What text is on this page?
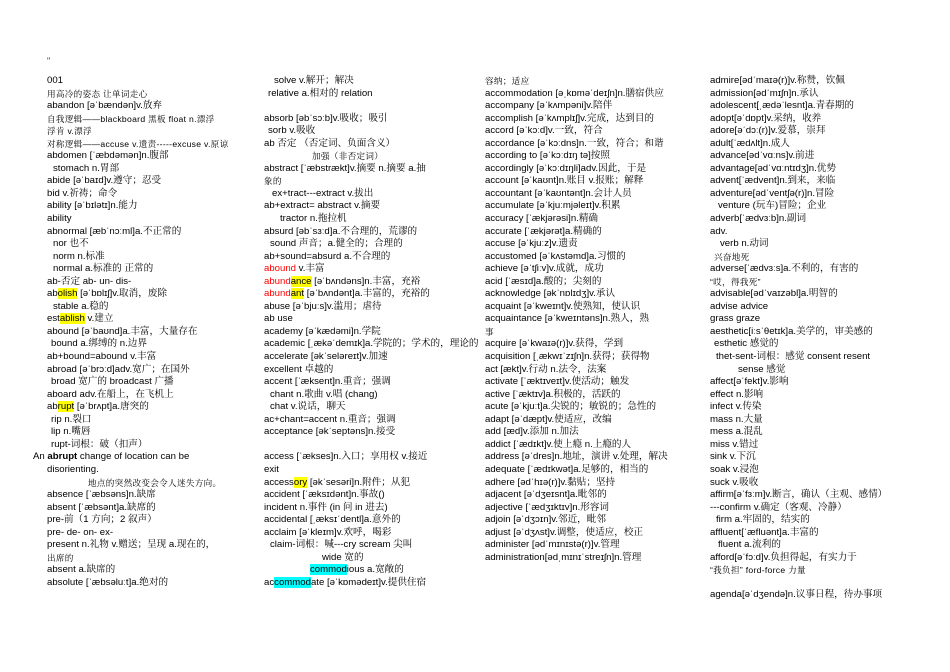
"
001
用高冷的姿态 让单词走心
abandon [əˈbændən]v.放弃
自我逻辑——blackboard 黑板 float n.漂浮
浮肯 v.漂浮
对称逻辑——accuse v.遗责-----excuse v.原谅
abdomen [ˈæbdəmən]n.腹部
stomach n.胃部
abide [əˈbaɪd]v.遵守；忍受
bid v.祈祷；命令
ability [əˈbɪlətɪ]n.能力
ability
abnormal [æbˈnɔːml]a.不正常的
nor 也不
norm n.标准
normal a.标准的 正常的
ab-否定 ab- un- dis-
abolish [əˈbɒlɪʃ]v.取消，废除
stable a.稳的
establish v.建立
abound [əˈbaʊnd]a.丰富，大量存在
bound a.绑缚的 n.边界
ab+bound=abound v.丰富
abroad [əˈbrɔːd]adv.宽广；在国外
broad 宽广的 broadcast 广播
aboard adv.在船上，在飞机上
abrupt [əˈbrʌpt]a.唐突的
rip n.裂口
lip n.嘴唇
rupt-词根：破（扣声）
An abrupt change of location can be
disorienting.
地点的突然改变会令人迷失方向。
absence [ˈæbsəns]n.缺席
absent [ˈæbsənt]a.缺席的
pre-前（1 方向；2 叙声）
pre- de- on- ex-
present n.礼物 v.赠送；呈现 a.现在的，
出席的
absent a.缺席的
absolute [ˈæbsəluːt]a.绝对的
solve v.解开；解决
relative a.相对的 relation
absorb [əbˈsɔːb]v.吸收；吸引
sorb v.吸收
ab 否定 （否定词、负面含义）
加强（非否定词）
abstract [ˈæbstrækt]v.摘要 n.摘要 a.抽
象的
ex+tract---extract v.拔出
ab+extract= abstract v.摘要
tractor n.拖拉机
absurd [əbˈsɜːd]a.不合理的，荒谬的
sound 声音；a.健全的；合理的
ab+sound=absurd a.不合理的
abound v.丰富
abundance [əˈbʌndəns]n.丰富，充裕
abundant [əˈbʌndənt]a.丰富的，充裕的
abuse [əˈbjuːs]v.滥用；虐待
ab use
academy [əˈkædəmi]n.学院
academic [ˌækəˈdemɪk]a.学院的；学术的，理论的
accelerate [əkˈseləreɪt]v.加速
excellent 卓越的
accent [ˈæksent]n.重音；强调
chant n.歌曲 v.唱 (chang)
chat v.说话，聊天
ac+chant=accent n.重音；强调
acceptance [əkˈseptəns]n.接受
access [ˈækses]n.入口；享用权 v.接近
exit
accessory [əkˈsesəri]n.附件；从犯
accident [ˈæksɪdənt]n.事故()
incident n.事件 (in 问 in 进去)
accidental [ˌæksɪˈdentl]a.意外的
acclaim [əˈkleɪm]v.欢呼，喝彩
claim-词根：喊---cry scream 尖叫
wide 宽的
commodious a.宽敞的
accommodate [əˈkɒmədeɪt]v.提供住宿
容纳；适应
accommodation [əˌkɒməˈdeɪʃn]n.膳宿供应
accompany [əˈkʌmpəni]v.陪伴
accomplish [əˈkʌmplɪʃ]v.完成，达到目的
accord [əˈkɔːd]v.一致，符合
accordance [əˈkɔːdns]n.一致，符合；和谐
according to [əˈkɔːdɪŋ tə]按照
accordingly [əˈkɔːdɪŋli]adv.因此，于是
account [əˈkaʊnt]n.账目 v.报账；解释
accountant [əˈkaʊntənt]n.会计人员
accumulate [əˈkjuːmjəleɪt]v.积累
accuracy [ˈækjərəsi]n.精确
accurate [ˈækjərət]a.精确的
accuse [əˈkjuːz]v.遗责
accustomed [əˈkʌstəmd]a.习惯的
achieve [əˈtʃiːv]v.成就，成功
acid [ˈæsɪd]a.酸的；尖刻的
acknowledge [əkˈnɒlɪdʒ]v.承认
acquaint [əˈkweɪnt]v.使熟知，使认识
acquaintance [əˈkweɪntəns]n.熟人，熟
事
acquire [əˈkwaɪə(r)]v.获得，学到
acquisition [ˌækwɪˈzɪʃn]n.获得；获得物
act [ækt]v.行动 n.法令，法案
activate [ˈæktɪveɪt]v.使活动；触发
active [ˈæktɪv]a.积极的，活跃的
acute [əˈkjuːt]a.尖锐的；敏锐的；急性的
adapt [əˈdæpt]v.使适应，改编
add [æd]v.添加 n.加法
addict [ˈædɪkt]v.使上瘾 n.上瘾的人
address [əˈdres]n.地址，演讲 v.处理，解决
adequate [ˈædɪkwət]a.足够的，相当的
adhere [ədˈhɪə(r)]v.黏贴；坚持
adjacent [əˈdʒeɪsnt]a.毗邻的
adjective [ˈædʒɪktɪv]n.形容词
adjoin [əˈdʒɔɪn]v.邻近，毗邻
adjust [əˈdʒʌst]v.调整，使适应，校正
administer [ədˈmɪnɪstə(r)]v.管理
administration[ədˌmɪnɪˈstreɪʃn]n.管理
admire[ədˈmaɪə(r)]v.称赞，钦佩
admission[ədˈmɪʃn]n.承认
adolescent[ˌædəˈlesnt]a.青春期的
adopt[əˈdɒpt]v.采纳，收养
adore[əˈdɔː(r)]v.爱慕，崇拜
adult[ˈædʌlt]n.成人
advance[ədˈvɑːns]v.前进
advantage[ədˈvɑːntɪdʒ]n.优势
advent[ˈædvent]n.到来，来临
adventure[ədˈventʃə(r)]n.冒险
venture (玩车)冒险；企业
adverb[ˈædvɜːb]n.副词
adv.
verb n.动词
兴奋地死
adverse[ˈædvɜːs]a.不利的，有害的
“哎，得我死”
advisable[ədˈvaɪzəbl]a.明智的
advise advice
grass graze
aesthetic[iːsˈθetɪk]a.美学的，审美感的
esthetic 感觉的
thet-sent-词根：感觉 consent resent
sense 感觉
affect[əˈfekt]v.影响
effect n.影响
infect v.传染
mass n.大量
mess a.混乱
miss v.错过
sink v.下沉
soak v.浸泡
suck v.吸收
affirm[əˈfɜːm]v.断言，确认（主观、感情）
---confirm v.确定（客观、冷静）
firm a.牢固的，结实的
affluent[ˈæfluənt]a.丰富的
fluent a.流利的
afford[əˈfɔːd]v.负担得起，有实力于
“莪负担” ford-force 力量
agenda[əˈdʒendə]n.议事日程，待办事项
